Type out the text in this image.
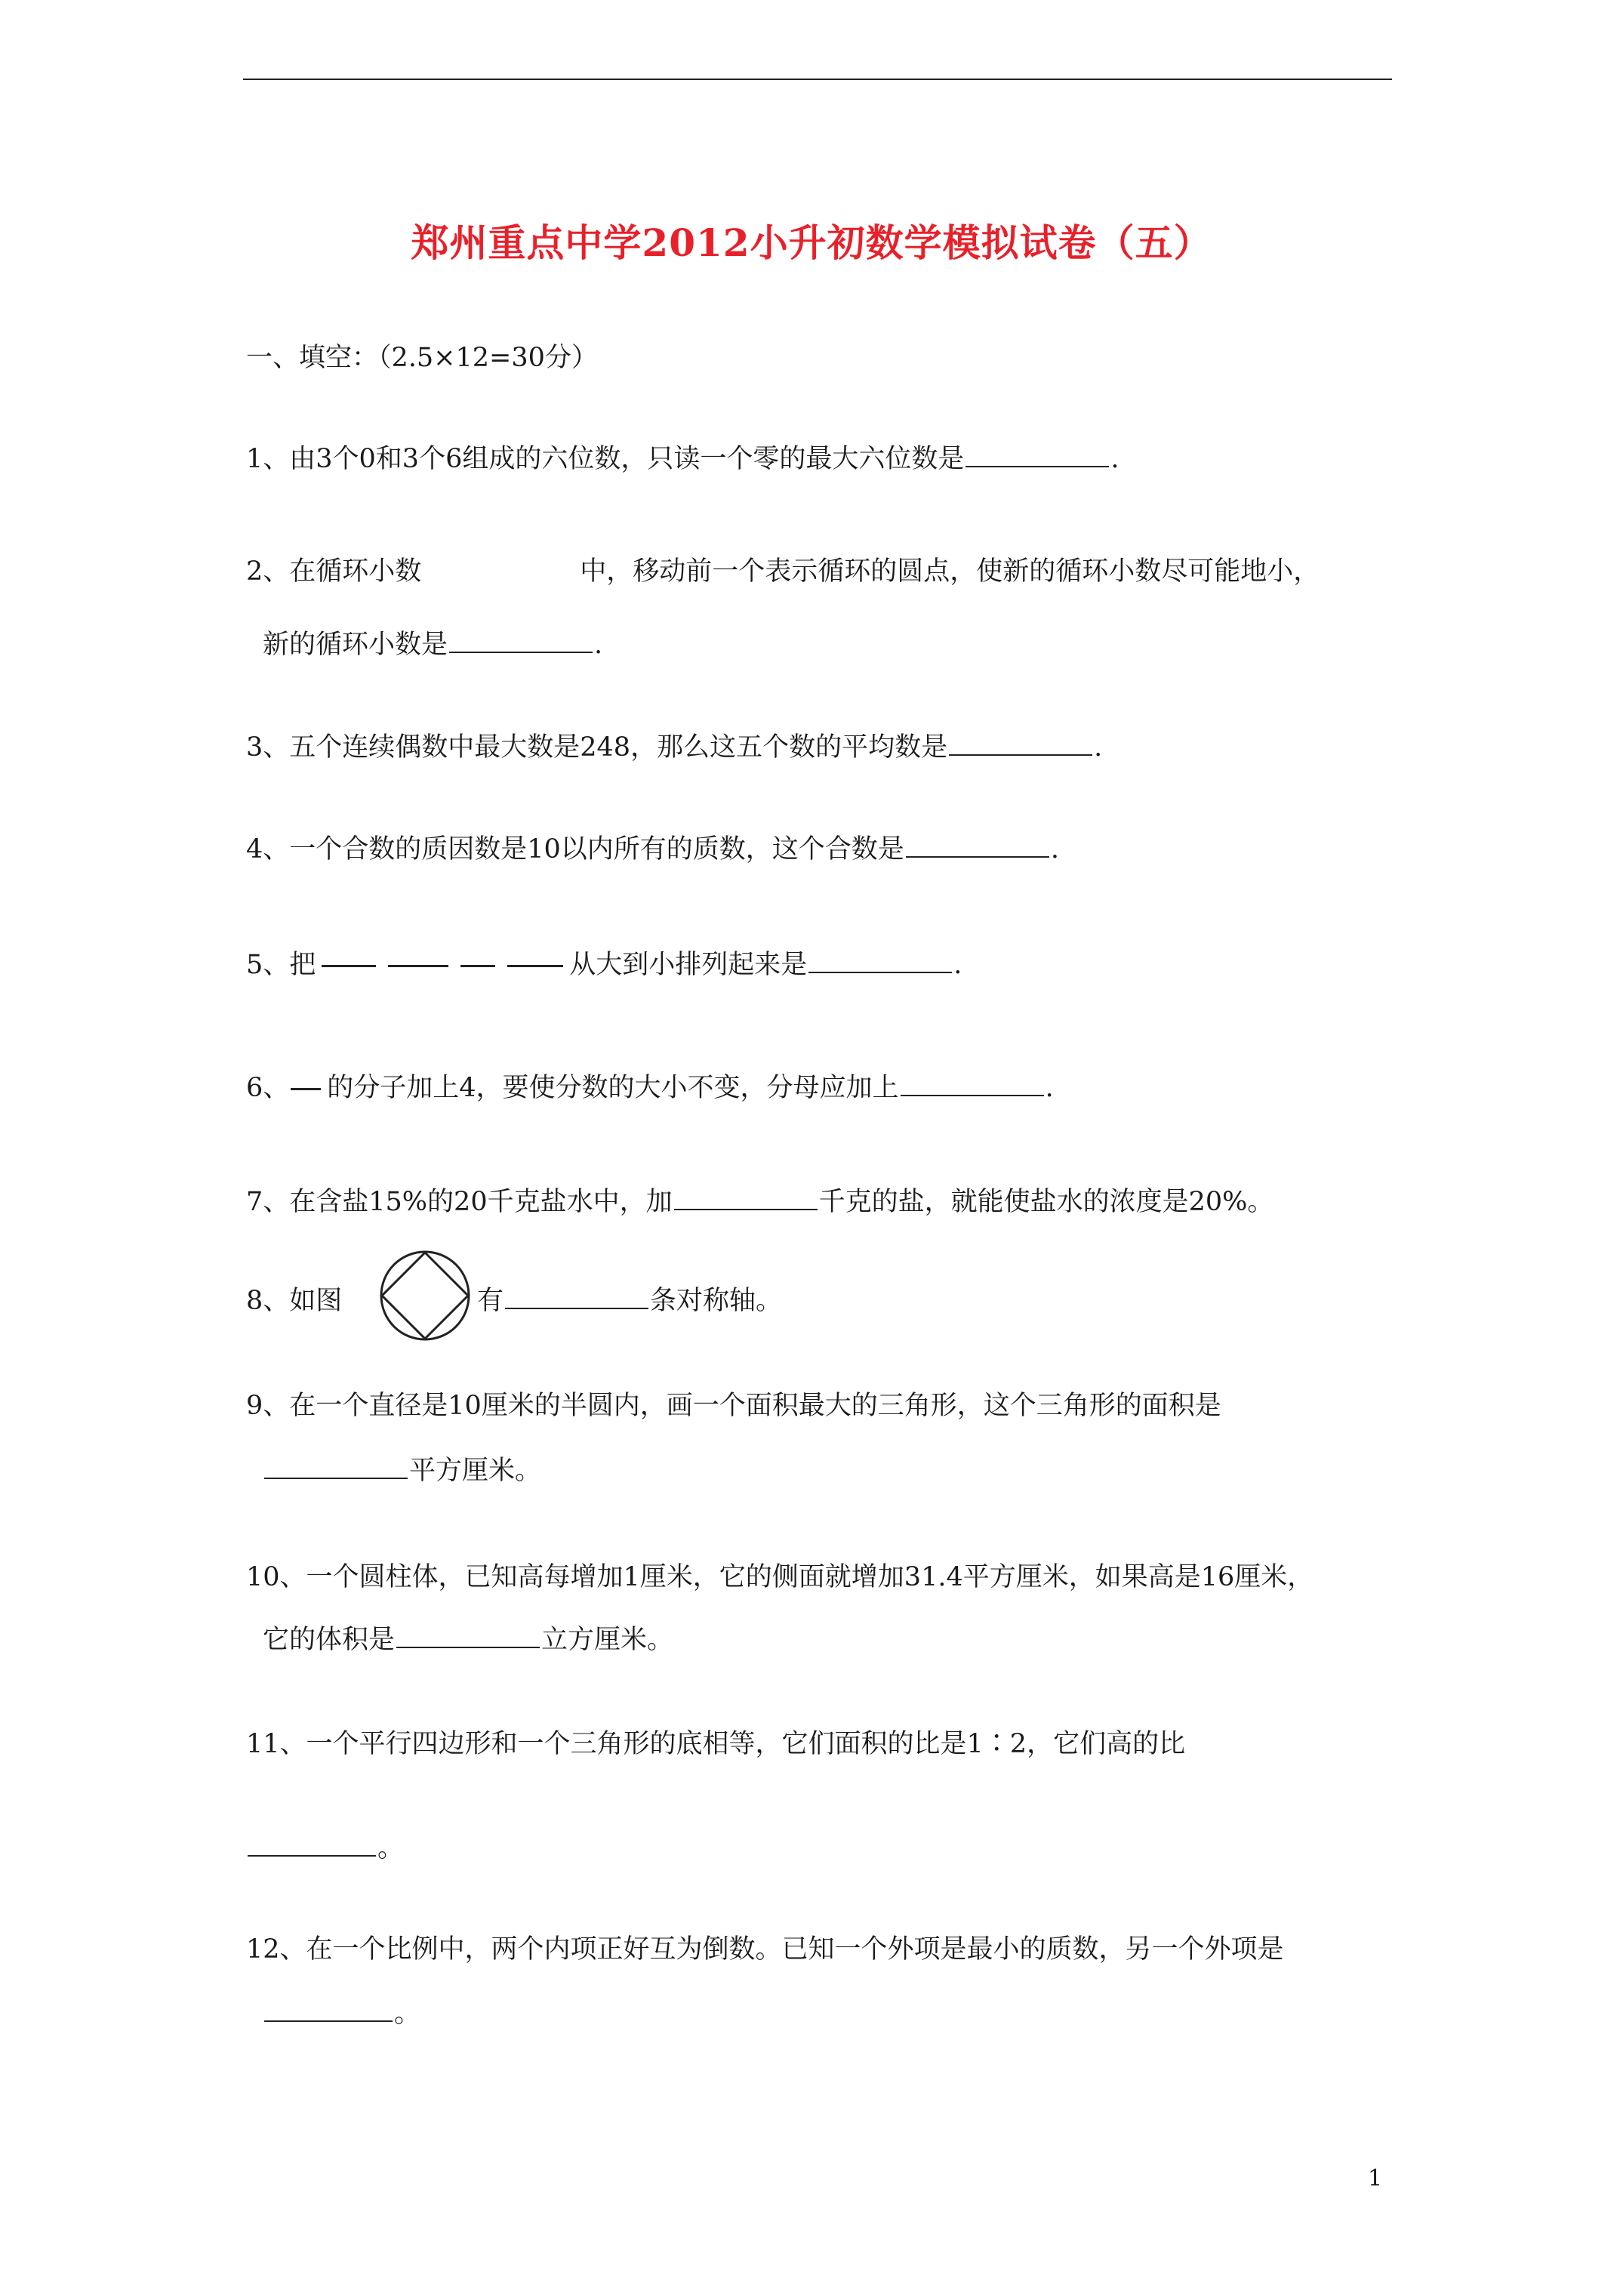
郑州重点中学2012小升初数学模拟试卷（五）
一、填空：（2.5×12=30分）
1、由3个0和3个6组成的六位数，只读一个零的最大六位数是	.
2、在循环小数	中，移动前一个表示循环的圆点，使新的循环小数尽可能地小，
新的循环小数是	.
3、五个连续偶数中最大数是248，那么这五个数的平均数是	.
4、一个合数的质因数是10以内所有的质数，这个合数是	.
5、把	从大到小排列起来是	.
6、 的分子加上4，要使分数的大小不变，分母应加上	.
7、在含盐15%的20千克盐水中，加	千克的盐，就能使盐水的浓度是20%。
8、如图	有	条对称轴。
9、在一个直径是10厘米的半圆内，画一个面积最大的三角形，这个三角形的面积是
平方厘米。
10、一个圆柱体，已知高每增加1厘米，它的侧面就增加31.4平方厘米，如果高是16厘米，
它的体积是	立方厘米。
11、一个平行四边形和一个三角形的底相等，它们面积的比是1∶2，它们高的比
。
12、在一个比例中，两个内项正好互为倒数。已知一个外项是最小的质数，另一个外项是
。
1
